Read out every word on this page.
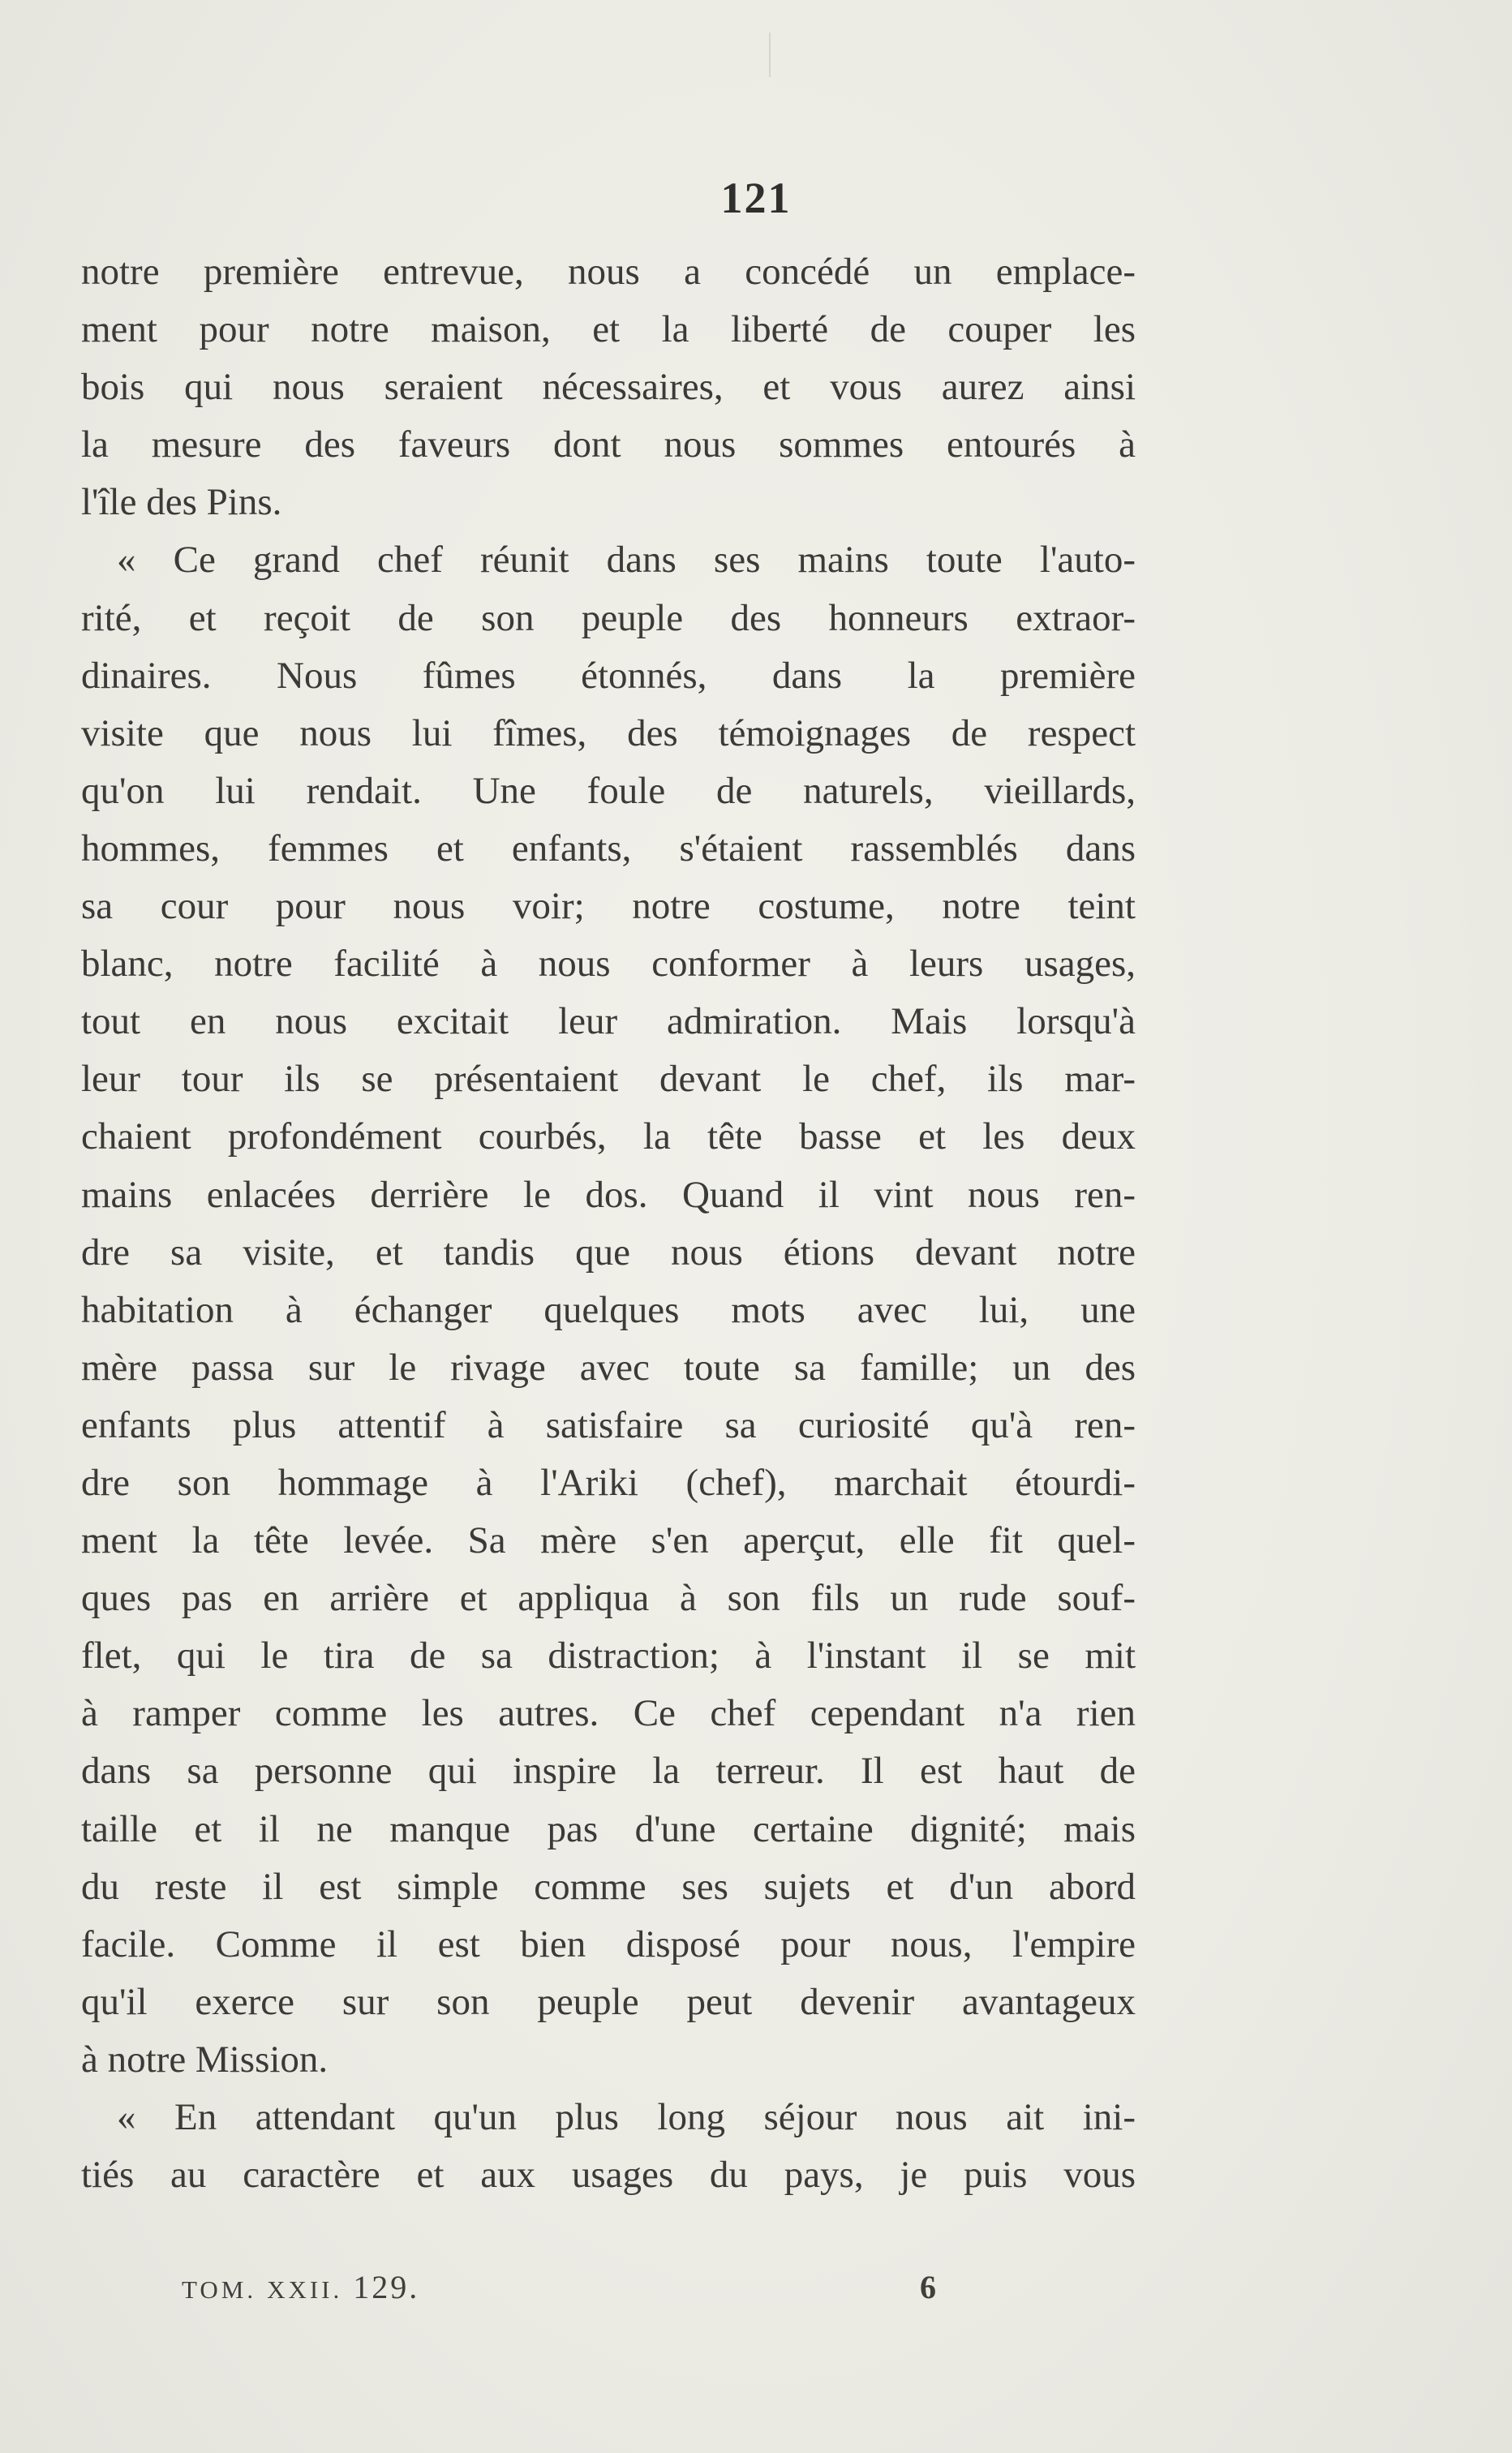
121

notre première entrevue, nous a concédé un emplace-
ment pour notre maison, et la liberté de couper les
bois qui nous seraient nécessaires, et vous aurez ainsi
la mesure des faveurs dont nous sommes entourés à
l'île des Pins.

« Ce grand chef réunit dans ses mains toute l'auto-
rité, et reçoit de son peuple des honneurs extraor-
dinaires. Nous fûmes étonnés, dans la première
visite que nous lui fîmes, des témoignages de respect
qu'on lui rendait. Une foule de naturels, vieillards,
hommes, femmes et enfants, s'étaient rassemblés dans
sa cour pour nous voir; notre costume, notre teint
blanc, notre facilité à nous conformer à leurs usages,
tout en nous excitait leur admiration. Mais lorsqu'à
leur tour ils se présentaient devant le chef, ils mar-
chaient profondément courbés, la tête basse et les deux
mains enlacées derrière le dos. Quand il vint nous ren-
dre sa visite, et tandis que nous étions devant notre
habitation à échanger quelques mots avec lui, une
mère passa sur le rivage avec toute sa famille; un des
enfants plus attentif à satisfaire sa curiosité qu'à ren-
dre son hommage à l'Ariki (chef), marchait étourdi-
ment la tête levée. Sa mère s'en aperçut, elle fit quel-
ques pas en arrière et appliqua à son fils un rude souf-
flet, qui le tira de sa distraction; à l'instant il se mit
à ramper comme les autres. Ce chef cependant n'a rien
dans sa personne qui inspire la terreur. Il est haut de
taille et il ne manque pas d'une certaine dignité; mais
du reste il est simple comme ses sujets et d'un abord
facile. Comme il est bien disposé pour nous, l'empire
qu'il exerce sur son peuple peut devenir avantageux
à notre Mission.

« En attendant qu'un plus long séjour nous ait ini-
tiés au caractère et aux usages du pays, je puis vous

TOM. XXII. 129.	6
